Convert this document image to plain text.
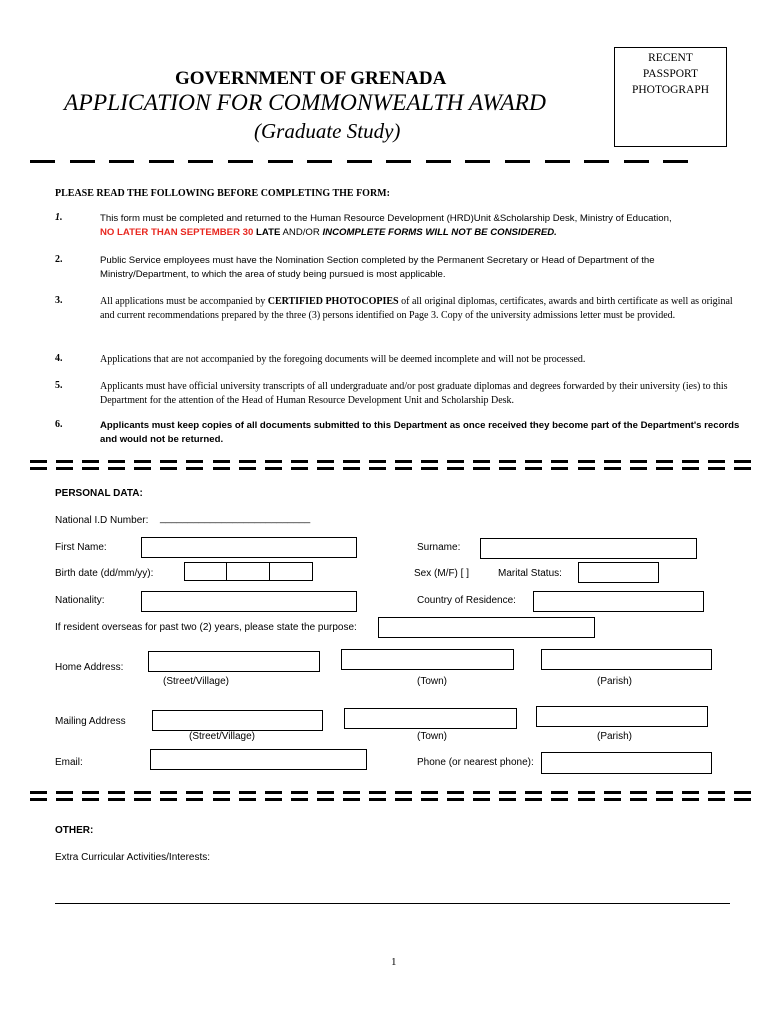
RECENT
PASSPORT
PHOTOGRAPH
GOVERNMENT OF GRENADA
APPLICATION FOR COMMONWEALTH AWARD
(Graduate Study)
PLEASE READ THE FOLLOWING BEFORE COMPLETING THE FORM:
1.	This form must be completed and returned to the Human Resource Development (HRD)Unit &Scholarship Desk, Ministry of Education,
NO LATER THAN SEPTEMBER 30 LATE AND/OR INCOMPLETE FORMS WILL NOT BE CONSIDERED.
2.	Public Service employees must have the Nomination Section completed by the Permanent Secretary or Head of Department of the Ministry/Department, to which the area of study being pursued is most applicable.
3.	All applications must be accompanied by CERTIFIED PHOTOCOPIES of all original diplomas, certificates, awards and birth certificate as well as original and current recommendations prepared by the three (3) persons identified on Page 3. Copy of the university admissions letter must be provided.
4.	Applications that are not accompanied by the foregoing documents will be deemed incomplete and will not be processed.
5.	Applicants must have official university transcripts of all undergraduate and/or post graduate diplomas and degrees forwarded by their university (ies) to this Department for the attention of the Head of Human Resource Development Unit and Scholarship Desk.
6.	Applicants must keep copies of all documents submitted to this Department as once received they become part of the Department's records and would not be returned.
PERSONAL DATA:
National I.D Number: ___________________________
First Name:	Surname:
Birth date (dd/mm/yy):	Sex (M/F) [ ]	Marital Status:
Nationality:	Country of Residence:
If resident overseas for past two (2) years, please state the purpose:
Home Address:
(Street/Village)	(Town)	(Parish)
Mailing Address
(Street/Village)	(Town)	(Parish)
Email:	Phone (or nearest phone):
OTHER:
Extra Curricular Activities/Interests:
1
